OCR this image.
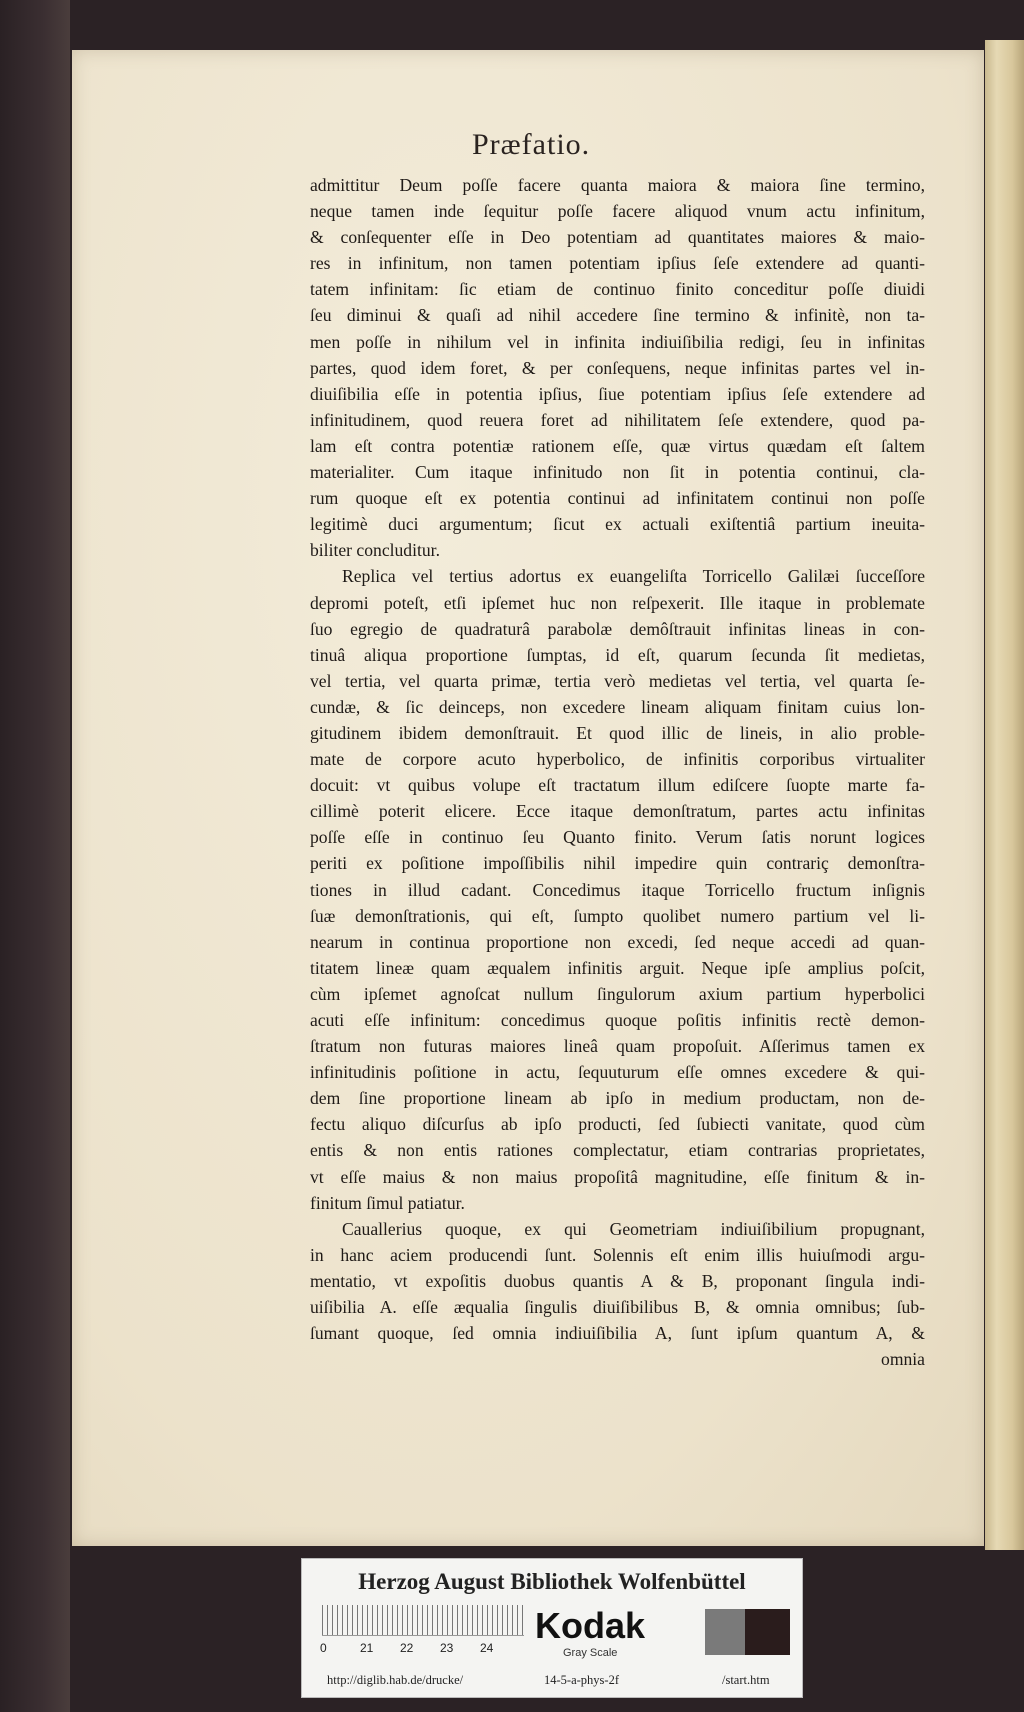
Præfatio.
admittitur Deum poſſe facere quanta maiora & maiora ſine termino,
neque tamen inde ſequitur poſſe facere aliquod vnum actu infinitum,
& conſequenter eſſe in Deo potentiam ad quantitates maiores & maio-
res in infinitum, non tamen potentiam ipſius ſeſe extendere ad quanti-
tatem infinitam: ſic etiam de continuo finito conceditur poſſe diuidi
ſeu diminui & quaſi ad nihil accedere ſine termino & infinitè, non ta-
men poſſe in nihilum vel in infinita indiuiſibilia redigi, ſeu in infinitas
partes, quod idem foret, & per conſequens, neque infinitas partes vel in-
diuiſibilia eſſe in potentia ipſius, ſiue potentiam ipſius ſeſe extendere ad
infinitudinem, quod reuera foret ad nihilitatem ſeſe extendere, quod pa-
lam eſt contra potentiæ rationem eſſe, quæ virtus quædam eſt ſaltem
materialiter. Cum itaque infinitudo non ſit in potentia continui, cla-
rum quoque eſt ex potentia continui ad infinitatem continui non poſſe
legitimè duci argumentum; ſicut ex actuali exiſtentiâ partium ineuita-
biliter concluditur.
Replica vel tertius adortus ex euangeliſta Torricello Galilæi ſucceſſore
depromi poteſt, etſi ipſemet huc non reſpexerit. Ille itaque in problemate
ſuo egregio de quadraturâ parabolæ demôſtrauit infinitas lineas in con-
tinuâ aliqua proportione ſumptas, id eſt, quarum ſecunda ſit medietas,
vel tertia, vel quarta primæ, tertia verò medietas vel tertia, vel quarta ſe-
cundæ, & ſic deinceps, non excedere lineam aliquam finitam cuius lon-
gitudinem ibidem demonſtrauit. Et quod illic de lineis, in alio proble-
mate de corpore acuto hyperbolico, de infinitis corporibus virtualiter
docuit: vt quibus volupe eſt tractatum illum ediſcere ſuopte marte fa-
cillimè poterit elicere. Ecce itaque demonſtratum, partes actu infinitas
poſſe eſſe in continuo ſeu Quanto finito. Verum ſatis norunt logices
periti ex poſitione impoſſibilis nihil impedire quin contrariç demonſtra-
tiones in illud cadant. Concedimus itaque Torricello fructum inſignis
ſuæ demonſtrationis, qui eſt, ſumpto quolibet numero partium vel li-
nearum in continua proportione non excedi, ſed neque accedi ad quan-
titatem lineæ quam æqualem infinitis arguit. Neque ipſe amplius poſcit,
cùm ipſemet agnoſcat nullum ſingulorum axium partium hyperbolici
acuti eſſe infinitum: concedimus quoque poſitis infinitis rectè demon-
ſtratum non futuras maiores lineâ quam propoſuit. Aſſerimus tamen ex
infinitudinis poſitione in actu, ſequuturum eſſe omnes excedere & qui-
dem ſine proportione lineam ab ipſo in medium productam, non de-
fectu aliquo diſcurſus ab ipſo producti, ſed ſubiecti vanitate, quod cùm
entis & non entis rationes complectatur, etiam contrarias proprietates,
vt eſſe maius & non maius propoſitâ magnitudine, eſſe finitum & in-
finitum ſimul patiatur.
Cauallerius quoque, ex qui Geometriam indiuiſibilium propugnant,
in hanc aciem producendi ſunt. Solennis eſt enim illis huiuſmodi argu-
mentatio, vt expoſitis duobus quantis A & B, proponant ſingula indi-
uiſibilia A. eſſe æqualia ſingulis diuiſibilibus B, & omnia omnibus; ſub-
ſumant quoque, ſed omnia indiuiſibilia A, ſunt ipſum quantum A, &
omnia
Herzog August Bibliothek Wolfenbüttel
0	21 22 23 24
Kodak
Gray Scale
http://diglib.hab.de/drucke/	14-5-a-phys-2f	/start.htm
